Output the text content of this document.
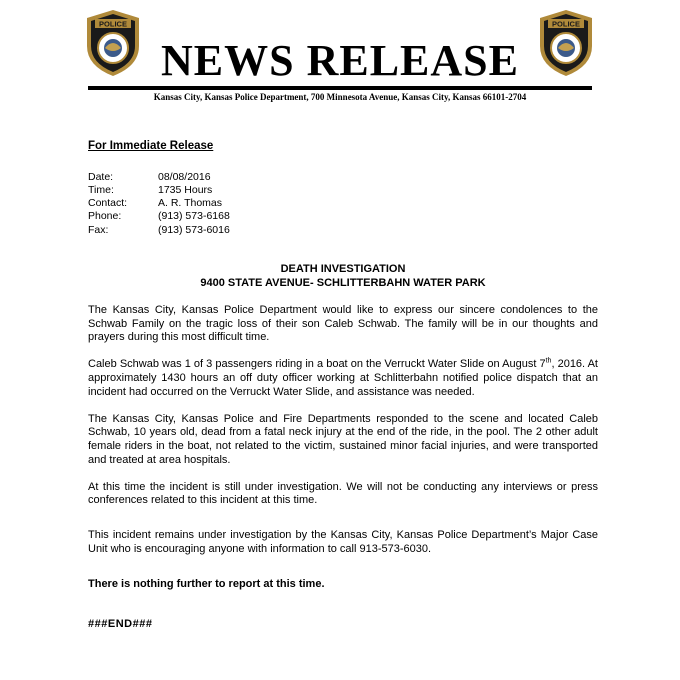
POLICE	POLICE
NEWS RELEASE
Kansas City, Kansas Police Department, 700 Minnesota Avenue, Kansas City, Kansas 66101-2704
For Immediate Release
Date:	08/08/2016
Time:	1735 Hours
Contact:	A. R. Thomas
Phone:	(913) 573-6168
Fax:	(913) 573-6016
DEATH INVESTIGATION
9400 STATE AVENUE- SCHLITTERBAHN WATER PARK

The Kansas City, Kansas Police Department would like to express our sincere condolences to the Schwab Family on the tragic loss of their son Caleb Schwab. The family will be in our thoughts and prayers during this most difficult time.

Caleb Schwab was 1 of 3 passengers riding in a boat on the Verruckt Water Slide on August 7th, 2016. At approximately 1430 hours an off duty officer working at Schlitterbahn notified police dispatch that an incident had occurred on the Verruckt Water Slide, and assistance was needed.

The Kansas City, Kansas Police and Fire Departments responded to the scene and located Caleb Schwab, 10 years old, dead from a fatal neck injury at the end of the ride, in the pool. The 2 other adult female riders in the boat, not related to the victim, sustained minor facial injuries, and were transported and treated at area hospitals.

At this time the incident is still under investigation. We will not be conducting any interviews or press conferences related to this incident at this time.

This incident remains under investigation by the Kansas City, Kansas Police Department’s Major Case Unit who is encouraging anyone with information to call 913-573-6030.

There is nothing further to report at this time.

###END###
